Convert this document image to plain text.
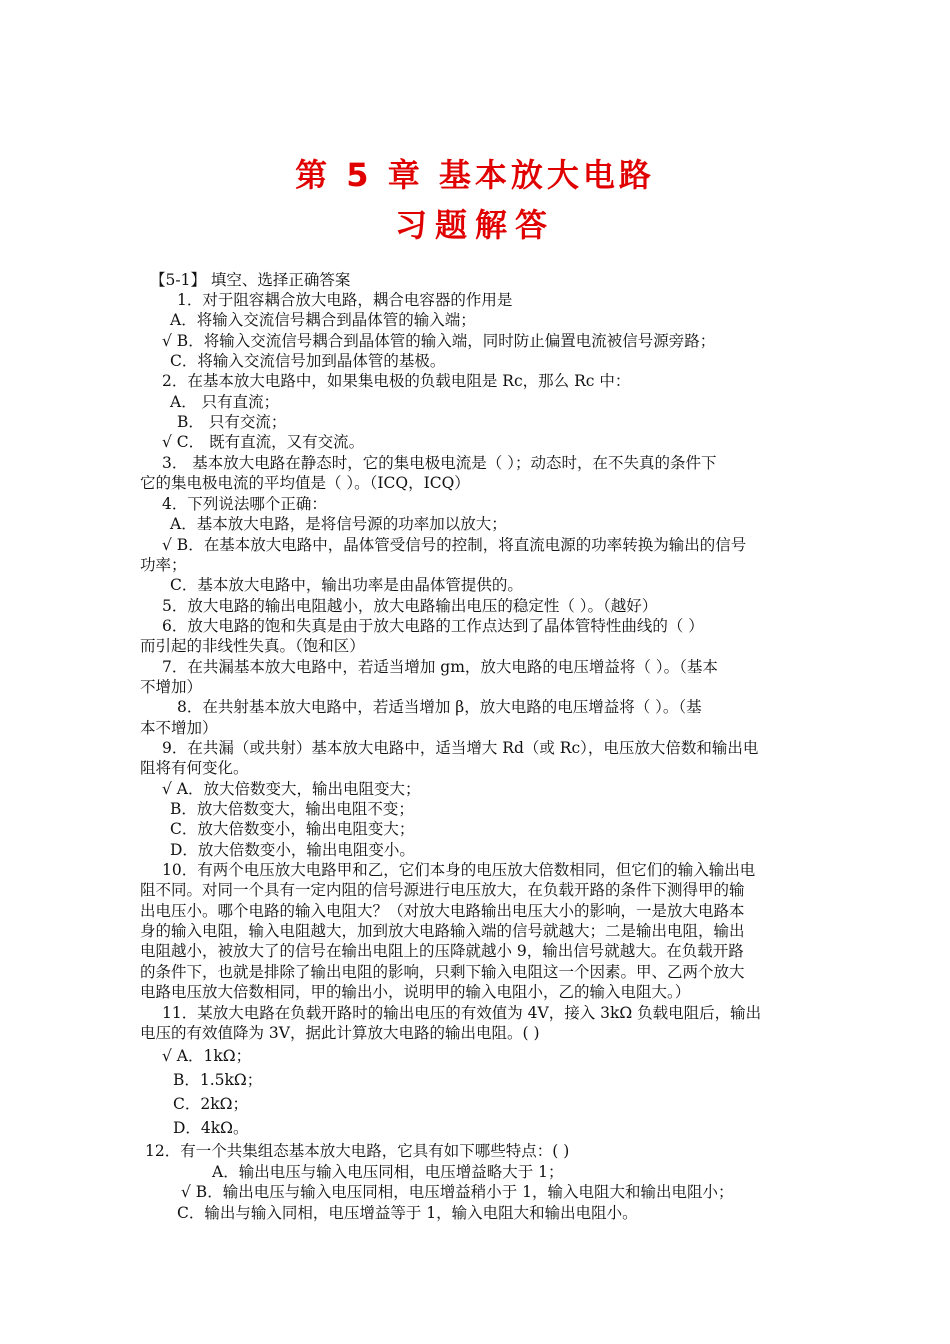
第 5 章 基本放大电路
习题解答
【5-1】 填空、选择正确答案
1．对于阻容耦合放大电路，耦合电容器的作用是
A．将输入交流信号耦合到晶体管的输入端；
√ B．将输入交流信号耦合到晶体管的输入端，同时防止偏置电流被信号源旁路；
C．将输入交流信号加到晶体管的基极。
2．在基本放大电路中，如果集电极的负载电阻是 Rc，那么 Rc 中：
A． 只有直流；
B． 只有交流；
√ C． 既有直流，又有交流。
3． 基本放大电路在静态时，它的集电极电流是（ ）；动态时，在不失真的条件下
它的集电极电流的平均值是（ ）。（ICQ，ICQ）
4．下列说法哪个正确：
A．基本放大电路，是将信号源的功率加以放大；
√ B．在基本放大电路中，晶体管受信号的控制，将直流电源的功率转换为输出的信号
功率；
C．基本放大电路中，输出功率是由晶体管提供的。
5．放大电路的输出电阻越小，放大电路输出电压的稳定性（ ）。（越好）
6．放大电路的饱和失真是由于放大电路的工作点达到了晶体管特性曲线的（ ）
而引起的非线性失真。（饱和区）
7．在共漏基本放大电路中，若适当增加 gm，放大电路的电压增益将（ ）。（基本
不增加）
8．在共射基本放大电路中，若适当增加 β，放大电路的电压增益将（ ）。（基
本不增加）
9．在共漏（或共射）基本放大电路中，适当增大 Rd（或 Rc），电压放大倍数和输出电
阻将有何变化。
√ A．放大倍数变大，输出电阻变大；
B．放大倍数变大，输出电阻不变；
C．放大倍数变小，输出电阻变大；
D．放大倍数变小，输出电阻变小。
10．有两个电压放大电路甲和乙，它们本身的电压放大倍数相同，但它们的输入输出电
阻不同。对同一个具有一定内阻的信号源进行电压放大，在负载开路的条件下测得甲的输
出电压小。哪个电路的输入电阻大？（对放大电路输出电压大小的影响，一是放大电路本
身的输入电阻，输入电阻越大，加到放大电路输入端的信号就越大；二是输出电阻，输出
电阻越小，被放大了的信号在输出电阻上的压降就越小 9，输出信号就越大。在负载开路
的条件下，也就是排除了输出电阻的影响，只剩下输入电阻这一个因素。甲、乙两个放大
电路电压放大倍数相同，甲的输出小，说明甲的输入电阻小，乙的输入电阻大。）
11．某放大电路在负载开路时的输出电压的有效值为 4V，接入 3kΩ 负载电阻后，输出
电压的有效值降为 3V，据此计算放大电路的输出电阻。( )
√ A．1kΩ；
B．1.5kΩ；
C．2kΩ；
D．4kΩ。
12．有一个共集组态基本放大电路，它具有如下哪些特点：( )
A．输出电压与输入电压同相，电压增益略大于 1；
√ B．输出电压与输入电压同相，电压增益稍小于 1，输入电阻大和输出电阻小；
C．输出与输入同相，电压增益等于 1，输入电阻大和输出电阻小。
